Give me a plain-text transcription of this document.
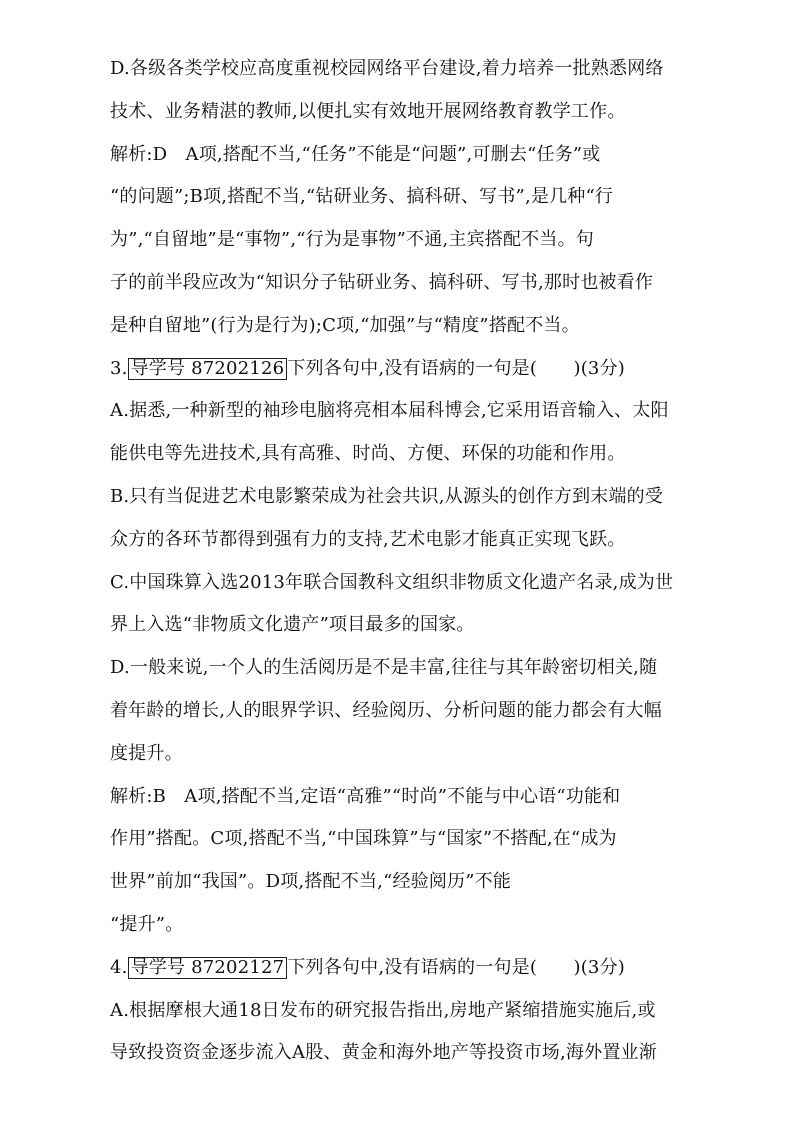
D.各级各类学校应高度重视校园网络平台建设,着力培养一批熟悉网络
技术、业务精湛的教师,以便扎实有效地开展网络教育教学工作。
解析:D　A项,搭配不当,“任务”不能是“问题”,可删去“任务”或
“的问题”;B项,搭配不当,“钻研业务、搞科研、写书”,是几种“行
为”,“自留地”是“事物”,“行为是事物”不通,主宾搭配不当。句
子的前半段应改为“知识分子钻研业务、搞科研、写书,那时也被看作
是种自留地”(行为是行为);C项,“加强”与“精度”搭配不当。
3. 导学号 87202126 下列各句中,没有语病的一句是(　　)(3分)
A.据悉,一种新型的袖珍电脑将亮相本届科博会,它采用语音输入、太阳
能供电等先进技术,具有高雅、时尚、方便、环保的功能和作用。
B.只有当促进艺术电影繁荣成为社会共识,从源头的创作方到末端的受
众方的各环节都得到强有力的支持,艺术电影才能真正实现飞跃。
C.中国珠算入选2013年联合国教科文组织非物质文化遗产名录,成为世
界上入选“非物质文化遗产”项目最多的国家。
D.一般来说,一个人的生活阅历是不是丰富,往往与其年龄密切相关,随
着年龄的增长,人的眼界学识、经验阅历、分析问题的能力都会有大幅
度提升。
解析:B　A项,搭配不当,定语“高雅”“时尚”不能与中心语“功能和
作用”搭配。C项,搭配不当,“中国珠算”与“国家”不搭配,在“成为
世界”前加“我国”。D项,搭配不当,“经验阅历”不能
“提升”。
4. 导学号 87202127 下列各句中,没有语病的一句是(　　)(3分)
A.根据摩根大通18日发布的研究报告指出,房地产紧缩措施实施后,或
导致投资资金逐步流入A股、黄金和海外地产等投资市场,海外置业渐
